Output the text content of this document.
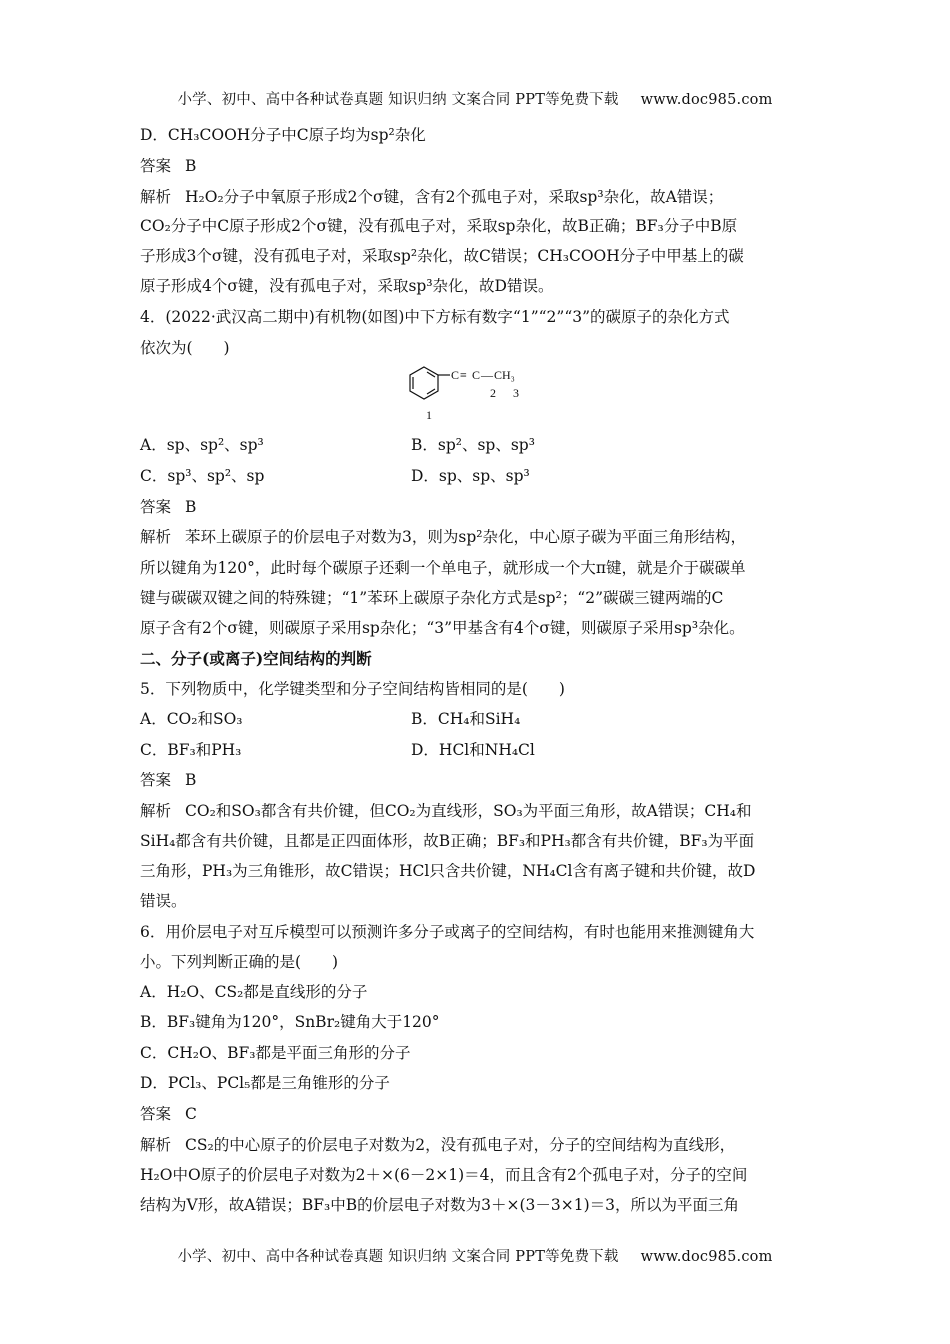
小学、初中、高中各种试卷真题 知识归纳 文案合同 PPT等免费下载 www.doc985.com
D．CH₃COOH分子中C原子均为sp²杂化
答案 B
解析 H₂O₂分子中氧原子形成2个σ键，含有2个孤电子对，采取sp³杂化，故A错误；
CO₂分子中C原子形成2个σ键，没有孤电子对，采取sp杂化，故B正确；BF₃分子中B原
子形成3个σ键，没有孤电子对，采取sp²杂化，故C错误；CH₃COOH分子中甲基上的碳
原子形成4个σ键，没有孤电子对，采取sp³杂化，故D错误。
4．(2022·武汉高二期中)有机物(如图)中下方标有数字“1”“2”“3”的碳原子的杂化方式
依次为(　　)
C ≡ C — CH₃
1
2 3
A．sp、sp²、sp³	B．sp²、sp、sp³
C．sp³、sp²、sp	D．sp、sp、sp³
答案 B
解析 苯环上碳原子的价层电子对数为3，则为sp²杂化，中心原子碳为平面三角形结构，
所以键角为120°，此时每个碳原子还剩一个单电子，就形成一个大π键，就是介于碳碳单
键与碳碳双键之间的特殊键；“1”苯环上碳原子杂化方式是sp²；“2”碳碳三键两端的C
原子含有2个σ键，则碳原子采用sp杂化；“3”甲基含有4个σ键，则碳原子采用sp³杂化。
二、分子(或离子)空间结构的判断
5．下列物质中，化学键类型和分子空间结构皆相同的是(　　)
A．CO₂和SO₃	B．CH₄和SiH₄
C．BF₃和PH₃	D．HCl和NH₄Cl
答案 B
解析 CO₂和SO₃都含有共价键，但CO₂为直线形，SO₃为平面三角形，故A错误；CH₄和
SiH₄都含有共价键，且都是正四面体形，故B正确；BF₃和PH₃都含有共价键，BF₃为平面
三角形，PH₃为三角锥形，故C错误；HCl只含共价键，NH₄Cl含有离子键和共价键，故D
错误。
6．用价层电子对互斥模型可以预测许多分子或离子的空间结构，有时也能用来推测键角大
小。下列判断正确的是(　　)
A．H₂O、CS₂都是直线形的分子
B．BF₃键角为120°，SnBr₂键角大于120°
C．CH₂O、BF₃都是平面三角形的分子
D．PCl₃、PCl₅都是三角锥形的分子
答案 C
解析 CS₂的中心原子的价层电子对数为2，没有孤电子对，分子的空间结构为直线形，
H₂O中O原子的价层电子对数为2＋×(6－2×1)＝4，而且含有2个孤电子对，分子的空间
结构为V形，故A错误；BF₃中B的价层电子对数为3＋×(3－3×1)＝3，所以为平面三角
小学、初中、高中各种试卷真题 知识归纳 文案合同 PPT等免费下载 www.doc985.com
